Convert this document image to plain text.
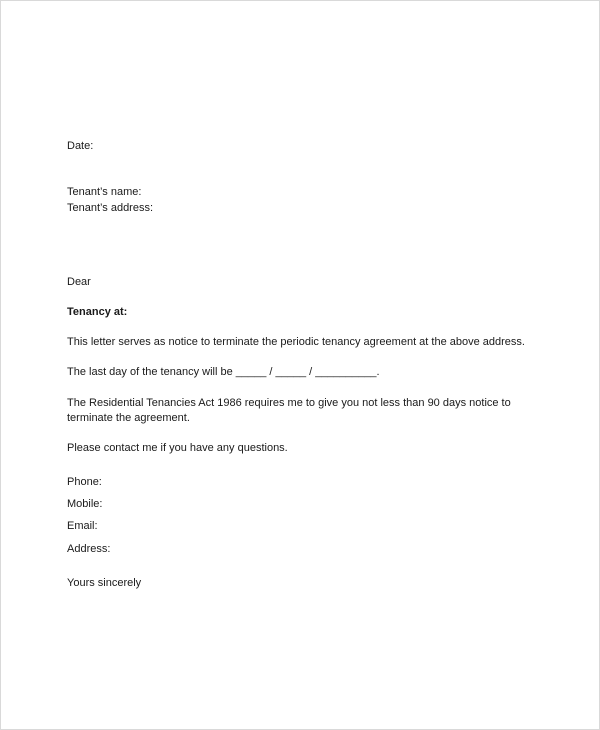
Date:

Tenant’s name:

Tenant’s address:

Dear

Tenancy at:

This letter serves as notice to terminate the periodic tenancy agreement at the above address.

The last day of the tenancy will be _____ / _____ / __________.

The Residential Tenancies Act 1986 requires me to give you not less than 90 days notice to

terminate the agreement.

Please contact me if you have any questions.

Phone:

Mobile:

Email:

Address:

Yours sincerely
